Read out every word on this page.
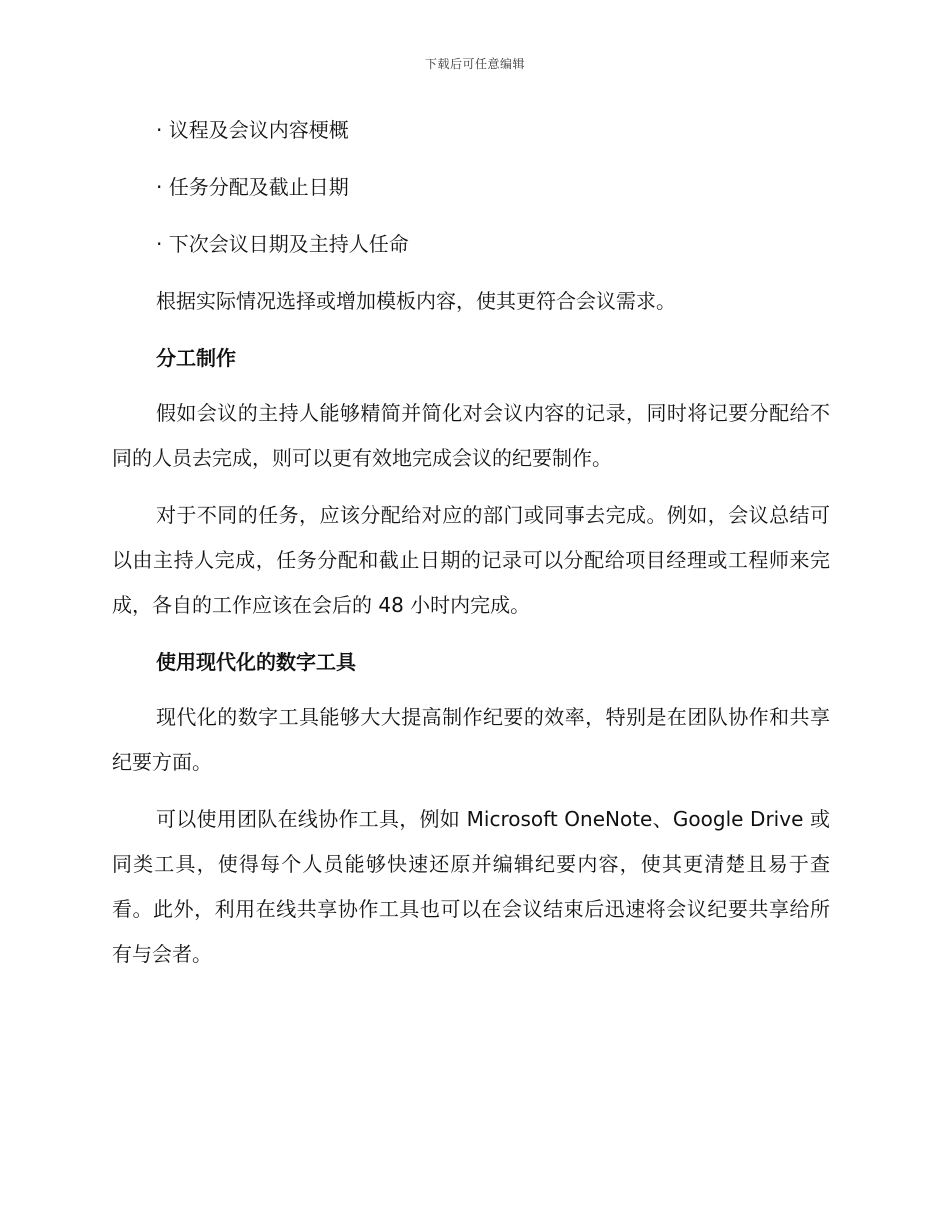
下载后可任意编辑

· 议程及会议内容梗概

· 任务分配及截止日期

· 下次会议日期及主持人任命

根据实际情况选择或增加模板内容，使其更符合会议需求。

分工制作

假如会议的主持人能够精简并简化对会议内容的记录，同时将记要分配给不同的人员去完成，则可以更有效地完成会议的纪要制作。

对于不同的任务，应该分配给对应的部门或同事去完成。例如，会议总结可以由主持人完成，任务分配和截止日期的记录可以分配给项目经理或工程师来完成，各自的工作应该在会后的 48 小时内完成。

使用现代化的数字工具

现代化的数字工具能够大大提高制作纪要的效率，特别是在团队协作和共享纪要方面。

可以使用团队在线协作工具，例如 Microsoft OneNote、Google Drive 或同类工具，使得每个人员能够快速还原并编辑纪要内容，使其更清楚且易于查看。此外，利用在线共享协作工具也可以在会议结束后迅速将会议纪要共享给所有与会者。
